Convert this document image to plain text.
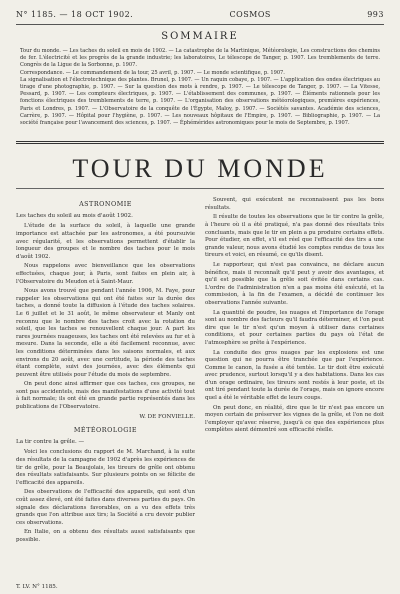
N° 1185. — 18 OCT 1902.	COSMOS	993
SOMMAIRE

Tour du monde. — Les taches du soleil en mois de 1902. — La catastrophe de la Martinique, Météorologie, Les constructions des chemins de fer. L'électricité et les progrès de la grande industrie; les laboratoires, Le télescope de Tanger, p. 1907. Les tremblements de terre. Congrès de la Ligue de la Sorbonne, p. 1907.

Correspondance. — Le commandement de la tour, 25 avril, p. 1907. — Le monde scientifique, p. 1907.

La signalisation et l'électrotechnique des plantes. Brunel, p. 1907. — Un raquin cobaye, p. 1907. — L'application des ondes électriques au tirage d'une photographie, p. 1907. — Sur la question des mots à rendre, p. 1907. — Le télescope de Tanger, p. 1907. — La Vitesse, Pessard, p. 1907. — Les compteurs électriques, p. 1907. — L'établissement des communes, p. 1907. — Éléments rationnels pour les fonctions électriques des tremblements de terre, p. 1907. — L'organisation des observations météorologiques, premières expériences, Paris et Londres, p. 1907. — L'Observatoire de la conquête de l'Égypte, Maloy, p. 1907. — Sociétés savantes. Académie des sciences, Carrère, p. 1907. — Hôpital pour l'hygiène, p. 1907. — Les nouveaux hôpitaux de l'Empire, p. 1907. — Bibliographie, p. 1907. — La société française pour l'avancement des sciences, p. 1907. — Éphémérides astronomiques pour le mois de Septembre, p. 1907.

TOUR DU MONDE
ASTRONOMIE
Les taches du soleil au mois d'août 1902.

L'étude de la surface du soleil, à laquelle une grande importance est attachée par les astronomes, a été poursuivie avec régularité, et les observations permettent d'établir la longueur des groupes et le nombre des taches pour le mois d'août 1902.

Nous rappelons avec bienveillance que les observations effectuées, chaque jour, à Paris, sont faites en plein air, à l'Observatoire du Meudon et à Saint-Maur.

Nous avons trouvé que pendant l'année 1906, M. Faye, pour rappeler les observations qui ont été faites sur la durée des taches, a donné toute la diffusion à l'étude des taches solaires. Le 6 juillet et le 31 août, le même observateur et Manly ont reconnu que le nombre des taches croit avec la rotation du soleil, que les taches se renouvellent chaque jour. A part les rares journées nuageuses, les taches ont été relevées au fur et à mesure. Dans la seconde, elle a été facilement reconnue, avec les conditions déterminées dans les saisons normales, et aux environs du 20 août, avec une certitude, la période des taches étant complète, suivi des journées, avec des éléments qui peuvent être utilisés pour l'étude du mois de septembre.

On peut donc ainsi affirmer que ces taches, ces groupes, ne sont pas accidentels, mais des manifestations d'une activité tout à fait normale; ils ont été en grande partie représentés dans les publications de l'Observatoire.

W. DE FONVIELLE.
MÉTÉOROLOGIE
La tir contre la grêle. —

Voici les conclusions du rapport de M. Marchand, à la suite des résultats de la campagne de 1902 d'après les expériences de tir de grêle, pour la Beaujolais, les tireurs de grêle ont obtenu des résultats satisfaisants. Sur plusieurs points on se félicite de l'efficacité des appareils.

Des observations de l'efficacité des appareils, qui sont d'un coût assez élevé, ont été faites dans diverses parties du pays. On signale des déclarations favorables, on a vu des effets très grands que l'on attribue aux tirs; la Société a cru devoir publier ces observations.

En Italie, on a obtenu des résultats aussi satisfaisants que possible.

Souvent, qui exécutent ne reconnaissent pas les bons résultats.

Il résulte de toutes les observations que le tir contre la grêle, à l'heure où il a été pratiqué, n'a pas donné des résultats très concluants, mais que le tir en plein a pu produire certains effets. Pour étudier, en effet, s'il est réel que l'efficacité des tirs a une grande valeur, nous avons étudié les comptes rendus de tous les tireurs et voici, en résumé, ce qu'ils disent.

Le rapporteur, qui n'est pas convaincu, ne déclare aucun bénéfice, mais il reconnaît qu'il peut y avoir des avantages, et qu'il est possible que la grêle soit évitée dans certains cas. L'ordre de l'administration n'en a pas moins été exécuté, et la commission, à la fin de l'examen, a décidé de continuer les observations l'année suivante.

La quantité de poudre, les nuages et l'importance de l'orage sont au nombre des facteurs qu'il faudra déterminer, et l'on peut dire que le tir n'est qu'un moyen à utiliser dans certaines conditions, et pour certaines parties du pays où l'état de l'atmosphère se prête à l'expérience.

La conduite des gros nuages par les explosions est une question qui ne pourra être tranchée que par l'expérience. Comme le canon, la fusée a été tentée. Le tir doit être exécuté avec prudence, surtout lorsqu'il y a des habitations. Dans les cas d'un orage ordinaire, les tireurs sont restés à leur poste, et ils ont tiré pendant toute la durée de l'orage, mais on ignore encore quel a été le véritable effet de leurs coups.

On peut donc, en réalité, dire que le tir n'est pas encore un moyen certain de préserver les vignes de la grêle, et l'on ne doit l'employer qu'avec réserve, jusqu'à ce que des expériences plus complètes aient démontré son efficacité réelle.

T. LV. N° 1185.
